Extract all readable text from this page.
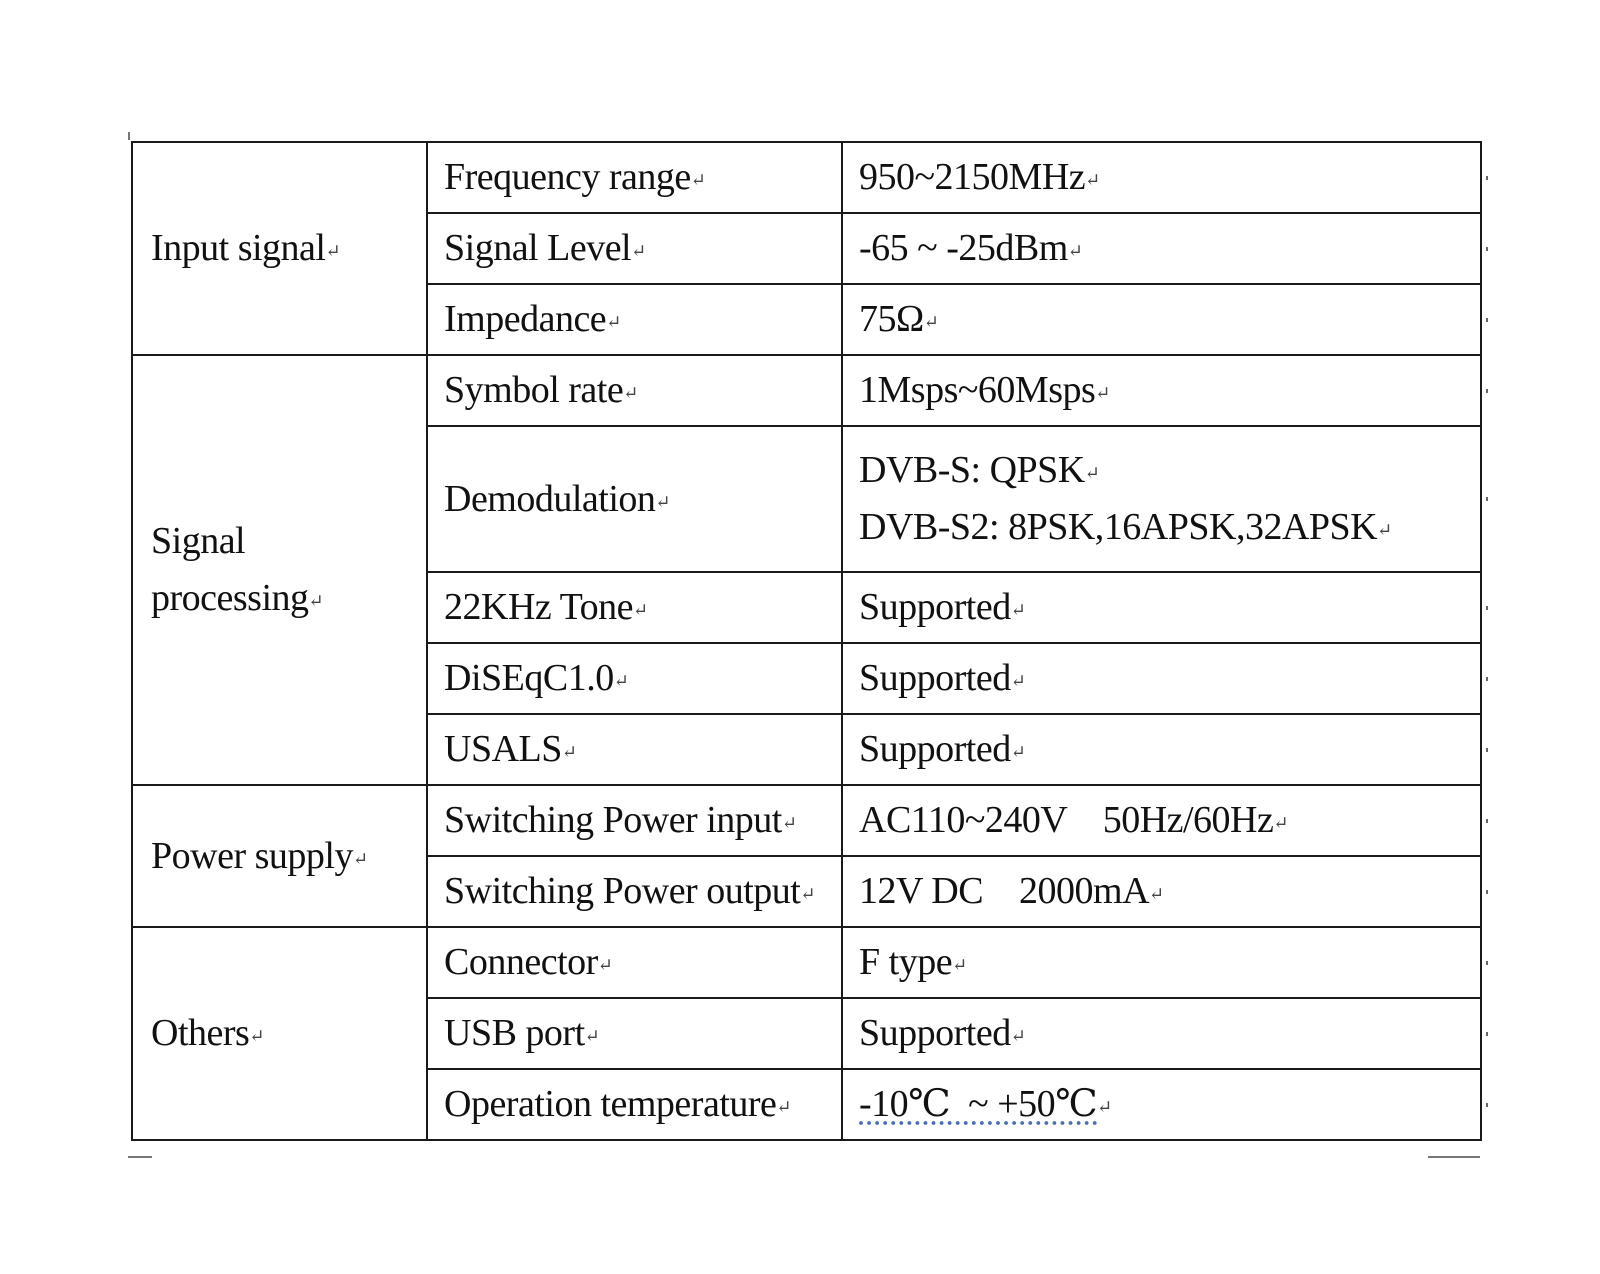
Input signal↵	Frequency range↵	950~2150MHz↵
	Signal Level↵	-65 ~ -25dBm↵
	Impedance↵	75Ω↵
Signal processing↵	Symbol rate↵	1Msps~60Msps↵
	Demodulation↵	DVB-S: QPSK↵
DVB-S2: 8PSK,16APSK,32APSK↵

	22KHz Tone↵	Supported↵
	DiSEqC1.0↵	Supported↵
	USALS↵	Supported↵
Power supply↵	Switching Power input↵	AC110~240V    50Hz/60Hz↵
	Switching Power output↵	12V DC    2000mA↵
Others↵	Connector↵	F type↵
	USB port↵	Supported↵
	Operation temperature↵	-10℃  ~ +50℃↵
